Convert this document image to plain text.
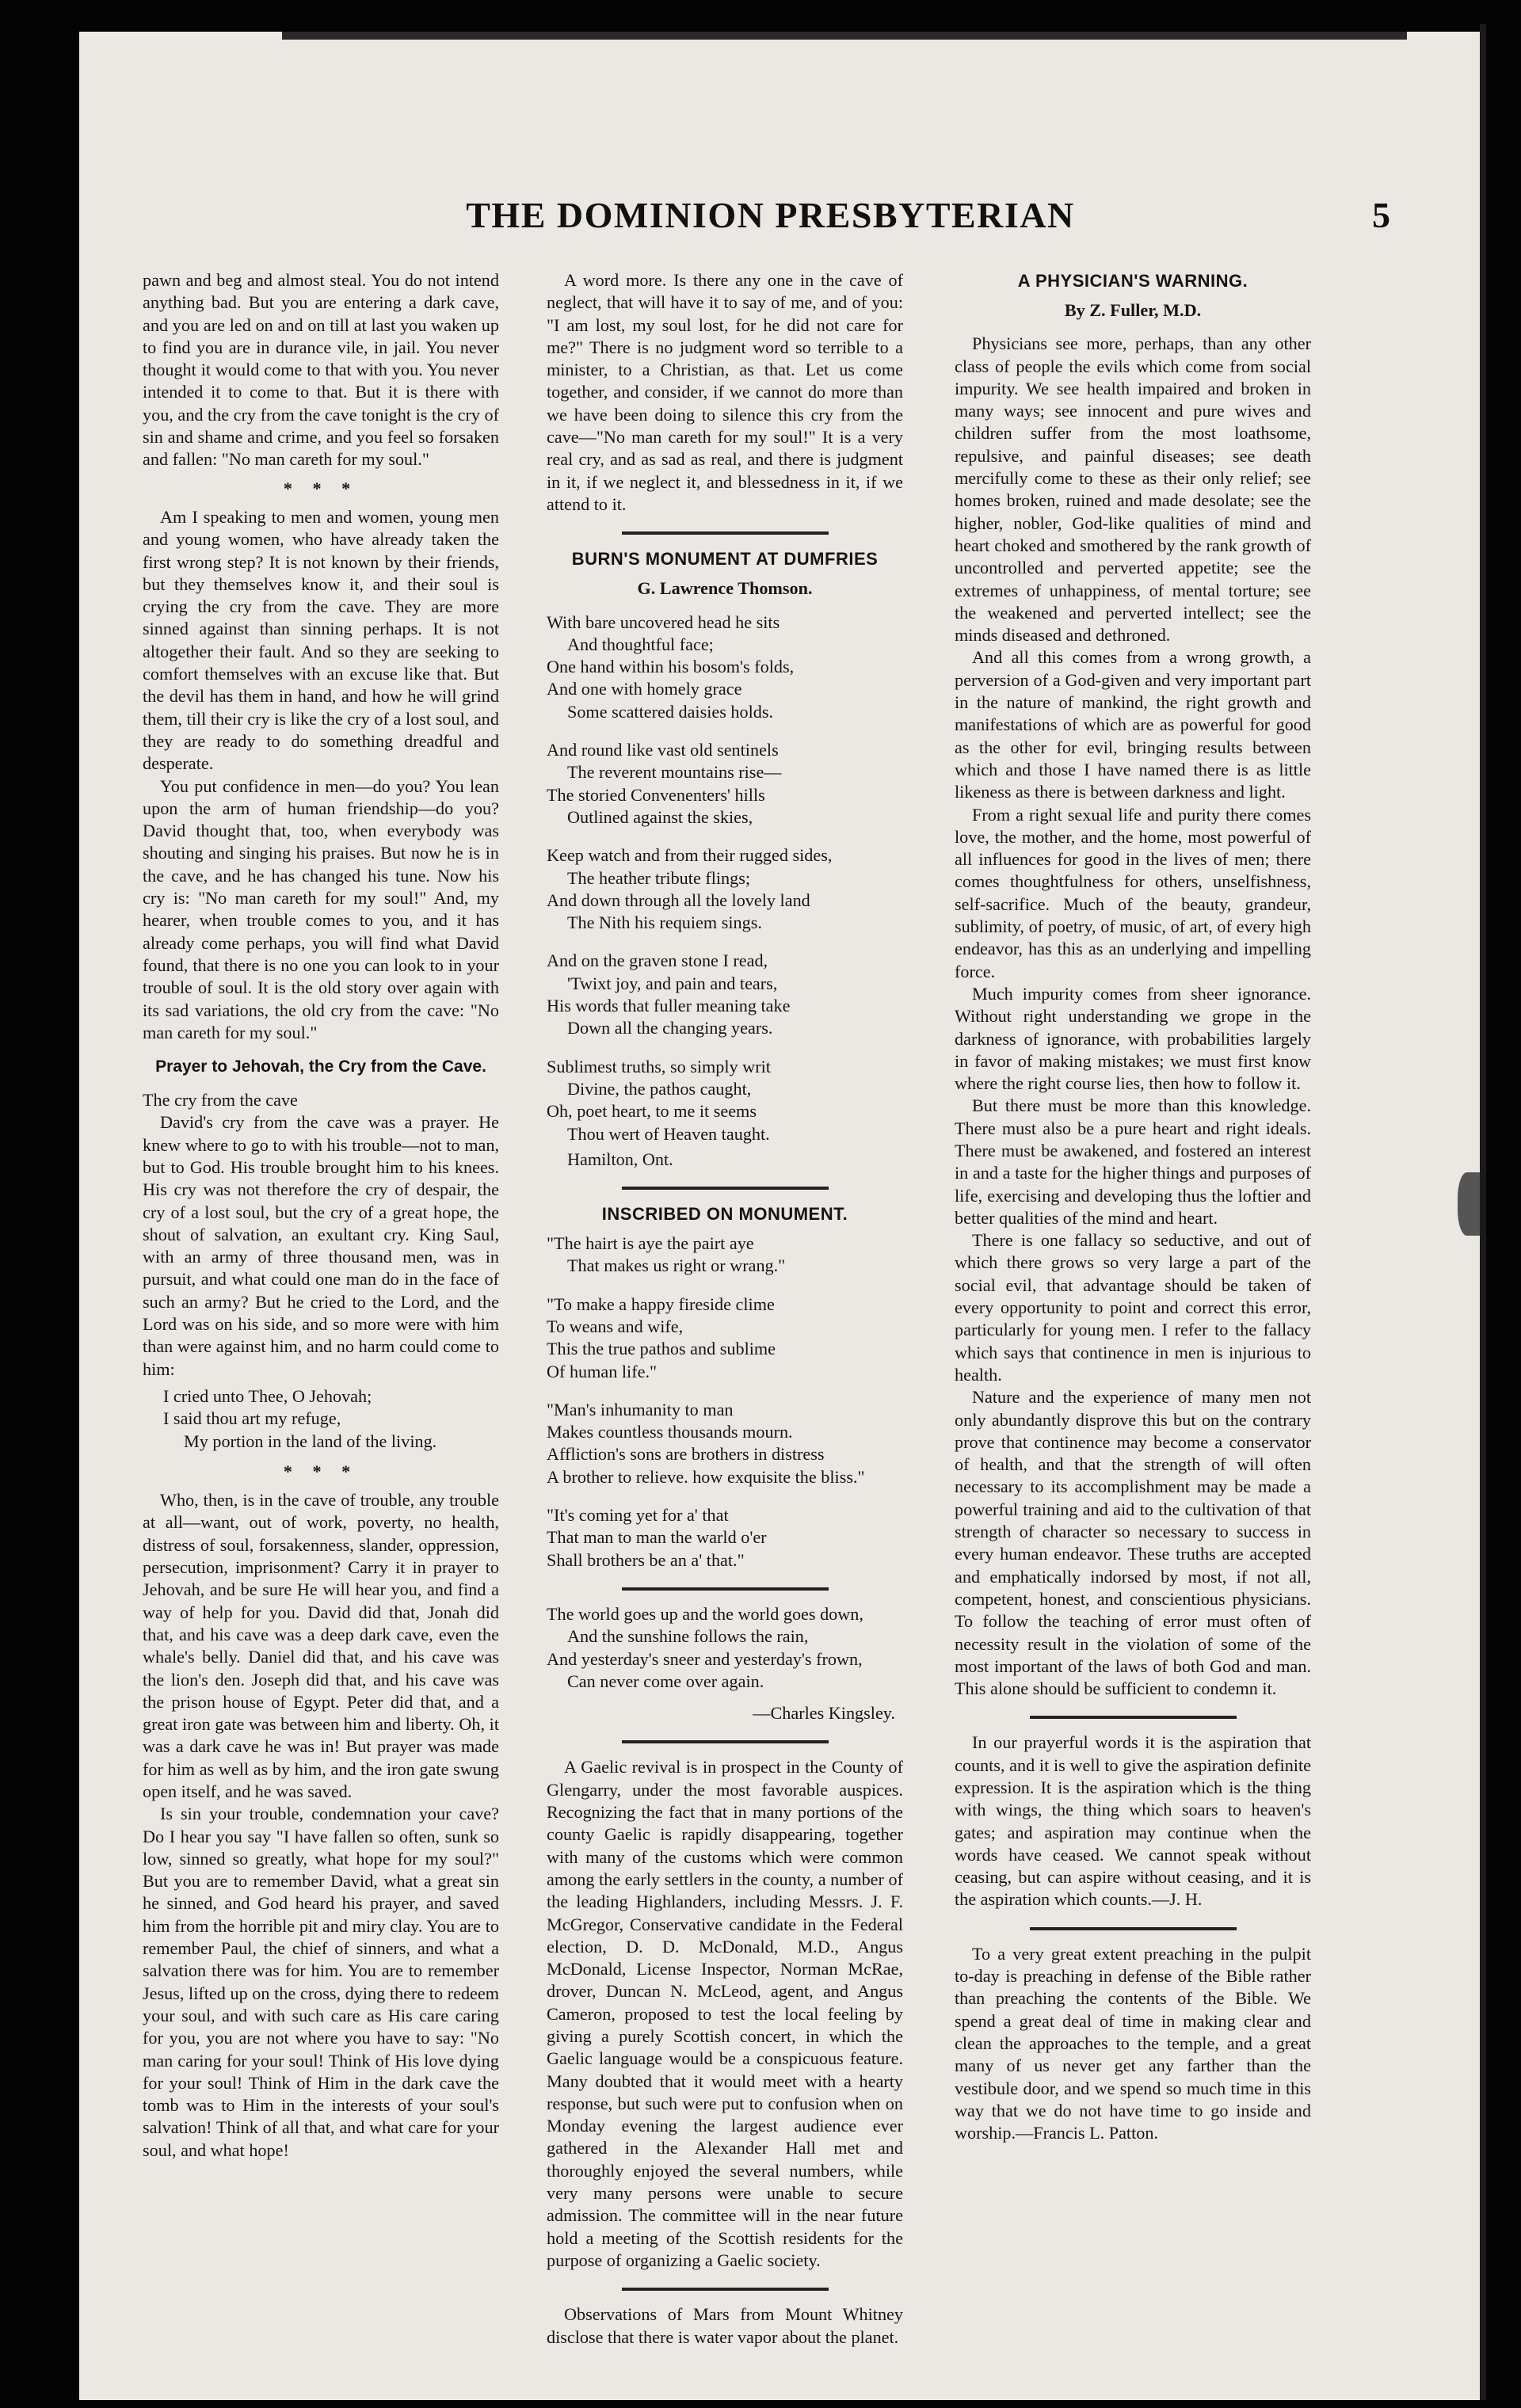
THE DOMINION PRESBYTERIAN	5

pawn and beg and almost steal. You do not intend anything bad. But you are entering a dark cave, and you are led on and on till at last you waken up to find you are in durance vile, in jail. You never thought it would come to that with you. You never intended it to come to that. But it is there with you, and the cry from the cave tonight is the cry of sin and shame and crime, and you feel so forsaken and fallen: "No man careth for my soul."

* * *

Am I speaking to men and women, young men and young women, who have already taken the first wrong step? It is not known by their friends, but they themselves know it, and their soul is crying the cry from the cave. They are more sinned against than sinning perhaps. It is not altogether their fault. And so they are seeking to comfort themselves with an excuse like that. But the devil has them in hand, and how he will grind them, till their cry is like the cry of a lost soul, and they are ready to do something dreadful and desperate.

You put confidence in men—do you? You lean upon the arm of human friendship—do you? David thought that, too, when everybody was shouting and singing his praises. But now he is in the cave, and he has changed his tune. Now his cry is: "No man careth for my soul!" And, my hearer, when trouble comes to you, and it has already come perhaps, you will find what David found, that there is no one you can look to in your trouble of soul. It is the old story over again with its sad variations, the old cry from the cave: "No man careth for my soul."

Prayer to Jehovah, the Cry from the Cave.

The cry from the cave

David's cry from the cave was a prayer. He knew where to go to with his trouble—not to man, but to God. His trouble brought him to his knees. His cry was not therefore the cry of despair, the cry of a lost soul, but the cry of a great hope, the shout of salvation, an exultant cry. King Saul, with an army of three thousand men, was in pursuit, and what could one man do in the face of such an army? But he cried to the Lord, and the Lord was on his side, and so more were with him than were against him, and no harm could come to him:

I cried unto Thee, O Jehovah;

I said thou art my refuge,

My portion in the land of the living.

* * *

Who, then, is in the cave of trouble, any trouble at all—want, out of work, poverty, no health, distress of soul, forsakenness, slander, oppression, persecution, imprisonment? Carry it in prayer to Jehovah, and be sure He will hear you, and find a way of help for you. David did that, Jonah did that, and his cave was a deep dark cave, even the whale's belly. Daniel did that, and his cave was the lion's den. Joseph did that, and his cave was the prison house of Egypt. Peter did that, and a great iron gate was between him and liberty. Oh, it was a dark cave he was in! But prayer was made for him as well as by him, and the iron gate swung open itself, and he was saved.

Is sin your trouble, condemnation your cave? Do I hear you say "I have fallen so often, sunk so low, sinned so greatly, what hope for my soul?" But you are to remember David, what a great sin he sinned, and God heard his prayer, and saved him from the horrible pit and miry clay. You are to remember Paul, the chief of sinners, and what a salvation there was for him. You are to remember Jesus, lifted up on the cross, dying there to redeem your soul, and with such care as His care caring for you, you are not where you have to say: "No man caring for your soul! Think of His love dying for your soul! Think of Him in the dark cave the tomb was to Him in the interests of your soul's salvation! Think of all that, and what care for your soul, and what hope!

A word more. Is there any one in the cave of neglect, that will have it to say of me, and of you: "I am lost, my soul lost, for he did not care for me?" There is no judgment word so terrible to a minister, to a Christian, as that. Let us come together, and consider, if we cannot do more than we have been doing to silence this cry from the cave—"No man careth for my soul!" It is a very real cry, and as sad as real, and there is judgment in it, if we neglect it, and blessedness in it, if we attend to it.

BURN'S MONUMENT AT DUMFRIES
G. Lawrence Thomson.

With bare uncovered head he sits

And thoughtful face;

One hand within his bosom's folds,

And one with homely grace

Some scattered daisies holds.

And round like vast old sentinels

The reverent mountains rise—

The storied Convenenters' hills

Outlined against the skies,

Keep watch and from their rugged sides,

The heather tribute flings;

And down through all the lovely land

The Nith his requiem sings.

And on the graven stone I read,

'Twixt joy, and pain and tears,

His words that fuller meaning take

Down all the changing years.

Sublimest truths, so simply writ

Divine, the pathos caught,

Oh, poet heart, to me it seems

Thou wert of Heaven taught.

Hamilton, Ont.
INSCRIBED ON MONUMENT.

"The hairt is aye the pairt aye

That makes us right or wrang."

"To make a happy fireside clime

To weans and wife,

This the true pathos and sublime

Of human life."

"Man's inhumanity to man

Makes countless thousands mourn.

Affliction's sons are brothers in distress

A brother to relieve. how exquisite the bliss."

"It's coming yet for a' that

That man to man the warld o'er

Shall brothers be an a' that."

The world goes up and the world goes down,

And the sunshine follows the rain,

And yesterday's sneer and yesterday's frown,

Can never come over again.

—Charles Kingsley.

A Gaelic revival is in prospect in the County of Glengarry, under the most favorable auspices. Recognizing the fact that in many portions of the county Gaelic is rapidly disappearing, together with many of the customs which were common among the early settlers in the county, a number of the leading Highlanders, including Messrs. J. F. McGregor, Conservative candidate in the Federal election, D. D. McDonald, M.D., Angus McDonald, License Inspector, Norman McRae, drover, Duncan N. McLeod, agent, and Angus Cameron, proposed to test the local feeling by giving a purely Scottish concert, in which the Gaelic language would be a conspicuous feature. Many doubted that it would meet with a hearty response, but such were put to confusion when on Monday evening the largest audience ever gathered in the Alexander Hall met and thoroughly enjoyed the several numbers, while very many persons were unable to secure admission. The committee will in the near future hold a meeting of the Scottish residents for the purpose of organizing a Gaelic society.

Observations of Mars from Mount Whitney disclose that there is water vapor about the planet.

A PHYSICIAN'S WARNING.
By Z. Fuller, M.D.

Physicians see more, perhaps, than any other class of people the evils which come from social impurity. We see health impaired and broken in many ways; see innocent and pure wives and children suffer from the most loathsome, repulsive, and painful diseases; see death mercifully come to these as their only relief; see homes broken, ruined and made desolate; see the higher, nobler, God-like qualities of mind and heart choked and smothered by the rank growth of uncontrolled and perverted appetite; see the extremes of unhappiness, of mental torture; see the weakened and perverted intellect; see the minds diseased and dethroned.

And all this comes from a wrong growth, a perversion of a God-given and very important part in the nature of mankind, the right growth and manifestations of which are as powerful for good as the other for evil, bringing results between which and those I have named there is as little likeness as there is between darkness and light.

From a right sexual life and purity there comes love, the mother, and the home, most powerful of all influences for good in the lives of men; there comes thoughtfulness for others, unselfishness, self-sacrifice. Much of the beauty, grandeur, sublimity, of poetry, of music, of art, of every high endeavor, has this as an underlying and impelling force.

Much impurity comes from sheer ignorance. Without right understanding we grope in the darkness of ignorance, with probabilities largely in favor of making mistakes; we must first know where the right course lies, then how to follow it.

But there must be more than this knowledge. There must also be a pure heart and right ideals. There must be awakened, and fostered an interest in and a taste for the higher things and purposes of life, exercising and developing thus the loftier and better qualities of the mind and heart.

There is one fallacy so seductive, and out of which there grows so very large a part of the social evil, that advantage should be taken of every opportunity to point and correct this error, particularly for young men. I refer to the fallacy which says that continence in men is injurious to health.

Nature and the experience of many men not only abundantly disprove this but on the contrary prove that continence may become a conservator of health, and that the strength of will often necessary to its accomplishment may be made a powerful training and aid to the cultivation of that strength of character so necessary to success in every human endeavor. These truths are accepted and emphatically indorsed by most, if not all, competent, honest, and conscientious physicians. To follow the teaching of error must often of necessity result in the violation of some of the most important of the laws of both God and man. This alone should be sufficient to condemn it.

In our prayerful words it is the aspiration that counts, and it is well to give the aspiration definite expression. It is the aspiration which is the thing with wings, the thing which soars to heaven's gates; and aspiration may continue when the words have ceased. We cannot speak without ceasing, but can aspire without ceasing, and it is the aspiration which counts.—J. H.

To a very great extent preaching in the pulpit to-day is preaching in defense of the Bible rather than preaching the contents of the Bible. We spend a great deal of time in making clear and clean the approaches to the temple, and a great many of us never get any farther than the vestibule door, and we spend so much time in this way that we do not have time to go inside and worship.—Francis L. Patton.
